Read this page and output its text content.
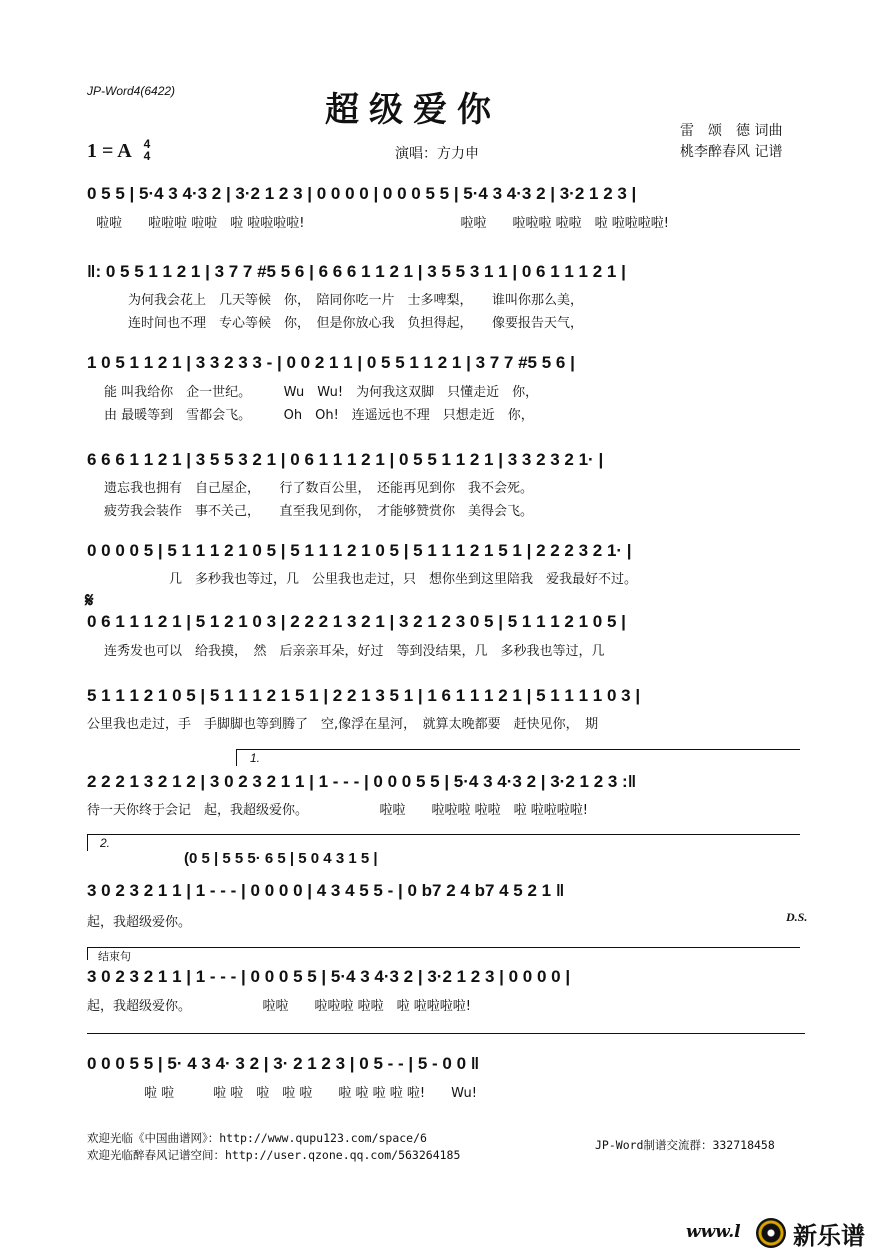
JP-Word4(6422)	超级爱你
雷　颂　德 词曲
桃李醉春风 记谱
演唱：方力申
1 = A 4
4
0 5 5 | 5·4 3 4·3 2 | 3·2 1 2 3 | 0 0 0 0 | 0 0 0 5 5 | 5·4 3 4·3 2 | 3·2 1 2 3 |
啦啦　　啦啦啦 啦啦　啦 啦啦啦啦!　　　　　　　　　　　　啦啦　　啦啦啦 啦啦　啦 啦啦啦啦!
‖: 0 5 5 1 1 2 1 | 3 7 7 #5 5 6 | 6 6 6 1 1 2 1 | 3 5 5 3 1 1 | 0 6 1 1 1 2 1 |
为何我会花上　几天等候　你，　陪同你吃一片　士多啤梨，　　谁叫你那么美，
连时间也不理　专心等候　你，　但是你放心我　负担得起，　　像要报告天气，
1 0 5 1 1 2 1 | 3 3 2 3 3 - | 0 0 2 1 1 | 0 5 5 1 1 2 1 | 3 7 7 #5 5 6 |
能 叫我给你　企一世纪。　　　Wu　Wu!　为何我这双脚　只懂走近　你，
由 最暖等到　雪都会飞。　　　Oh　Oh!　连遥远也不理　只想走近　你，
6 6 6 1 1 2 1 | 3 5 5 3 2 1 | 0 6 1 1 1 2 1 | 0 5 5 1 1 2 1 | 3 3 2 3 2 1· |
遗忘我也拥有　自己屋企，　　行了数百公里，　还能再见到你　我不会死。
疲劳我会装作　事不关己，　　直至我见到你，　才能够赞赏你　美得会飞。
0 0 0 0 5 | 5 1 1 1 2 1 0 5 | 5 1 1 1 2 1 0 5 | 5 1 1 1 2 1 5 1 | 2 2 2 3 2 1· |
　　　几　多秒我也等过，几　公里我也走过，只　想你坐到这里陪我　爱我最好不过。
𝄋
0 6 1 1 1 2 1 | 5 1 2 1 0 3 | 2 2 2 1 3 2 1 | 3 2 1 2 3 0 5 | 5 1 1 1 2 1 0 5 |
连秀发也可以　给我摸，　然　后亲亲耳朵，好过　等到没结果，几　多秒我也等过，几
5 1 1 1 2 1 0 5 | 5 1 1 1 2 1 5 1 | 2 2 1 3 5 1 | 1 6 1 1 1 2 1 | 5 1 1 1 1 0 3 |
公里我也走过，手　手脚脚也等到腾了　空,像浮在星河，　就算太晚都要　赶快见你，　期
1.
2 2 2 1 3 2 1 2 | 3 0 2 3 2 1 1 | 1 - - - | 0 0 0 5 5 | 5·4 3 4·3 2 | 3·2 1 2 3 :‖
待一天你终于会记　起，我超级爱你。　　　　　　啦啦　　啦啦啦 啦啦　啦 啦啦啦啦!
2.
(0 5 | 5 5 5· 6 5 | 5 0 4 3 1 5 |
3 0 2 3 2 1 1 | 1 - - - | 0 0 0 0 | 4 3 4 5 5 - | 0 b7 2 4 b7 4 5 2 1 ‖
起，我超级爱你。	D.S.
结束句
3 0 2 3 2 1 1 | 1 - - - | 0 0 0 5 5 | 5·4 3 4·3 2 | 3·2 1 2 3 | 0 0 0 0 |
起，我超级爱你。　　　　　　啦啦　　啦啦啦 啦啦　啦 啦啦啦啦!
0 0 0 5 5 | 5· 4 3 4· 3 2 | 3· 2 1 2 3 | 0 5 - - | 5 - 0 0 ‖
　　啦 啦　　　啦 啦　啦　啦 啦　　啦 啦 啦 啦 啦!　　Wu!
欢迎光临《中国曲谱网》：http://www.qupu123.com/space/6
欢迎光临醉春风记谱空间：http://user.qzone.qq.com/563264185
JP-Word制谱交流群：332718458
www.l 新乐谱
